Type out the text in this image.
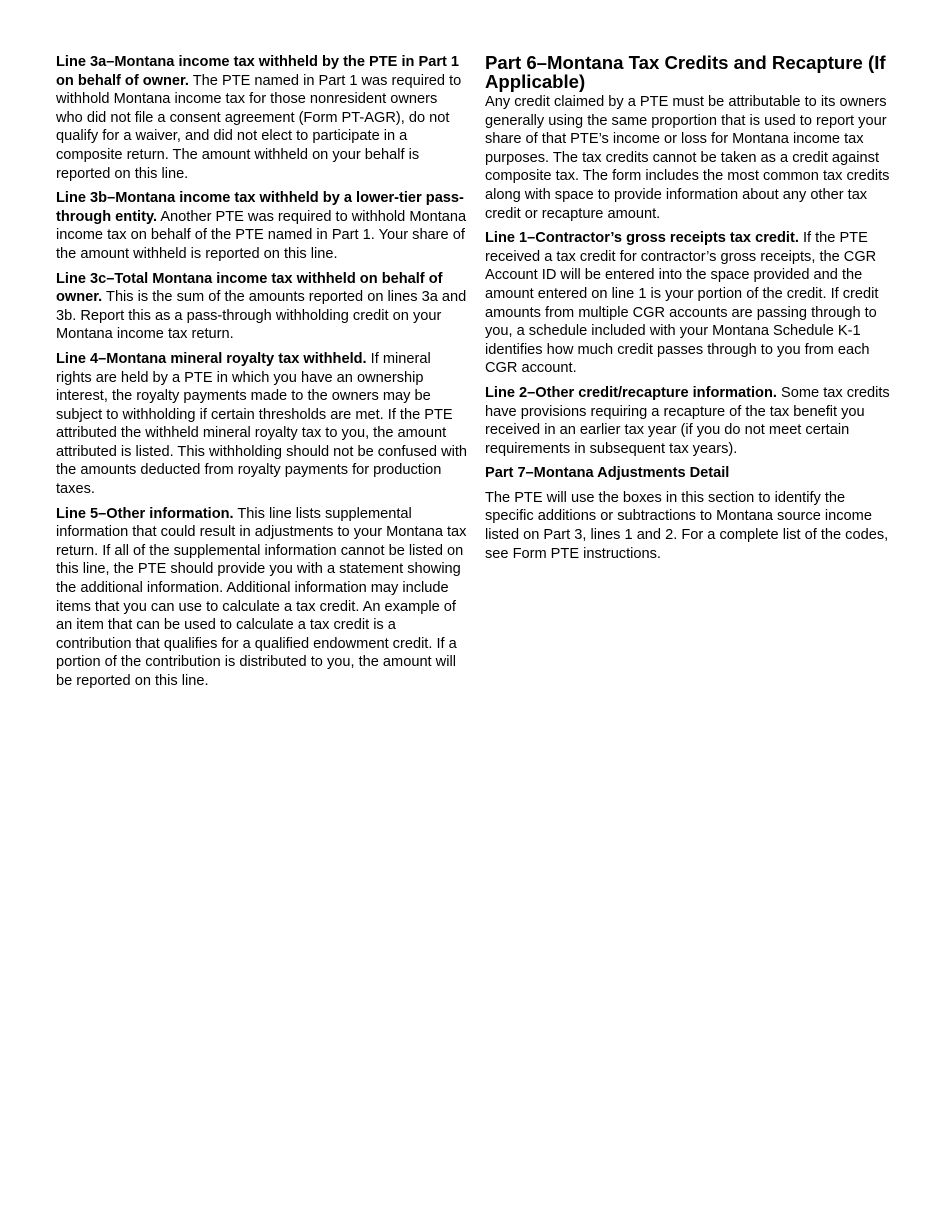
Line 3a–Montana income tax withheld by the PTE in Part 1 on behalf of owner. The PTE named in Part 1 was required to withhold Montana income tax for those nonresident owners who did not file a consent agreement (Form PT-AGR), do not qualify for a waiver, and did not elect to participate in a composite return. The amount withheld on your behalf is reported on this line.

Line 3b–Montana income tax withheld by a lower-tier pass-through entity. Another PTE was required to withhold Montana income tax on behalf of the PTE named in Part 1. Your share of the amount withheld is reported on this line.

Line 3c–Total Montana income tax withheld on behalf of owner. This is the sum of the amounts reported on lines 3a and 3b. Report this as a pass-through withholding credit on your Montana income tax return.

Line 4–Montana mineral royalty tax withheld. If mineral rights are held by a PTE in which you have an ownership interest, the royalty payments made to the owners may be subject to withholding if certain thresholds are met. If the PTE attributed the withheld mineral royalty tax to you, the amount attributed is listed. This withholding should not be confused with the amounts deducted from royalty payments for production taxes.

Line 5–Other information. This line lists supplemental information that could result in adjustments to your Montana tax return. If all of the supplemental information cannot be listed on this line, the PTE should provide you with a statement showing the additional information. Additional information may include items that you can use to calculate a tax credit. An example of an item that can be used to calculate a tax credit is a contribution that qualifies for a qualified endowment credit. If a portion of the contribution is distributed to you, the amount will be reported on this line.

Part 6–Montana Tax Credits and Recapture (If Applicable)

Any credit claimed by a PTE must be attributable to its owners generally using the same proportion that is used to report your share of that PTE’s income or loss for Montana income tax purposes. The tax credits cannot be taken as a credit against composite tax. The form includes the most common tax credits along with space to provide information about any other tax credit or recapture amount.

Line 1–Contractor’s gross receipts tax credit. If the PTE received a tax credit for contractor’s gross receipts, the CGR Account ID will be entered into the space provided and the amount entered on line 1 is your portion of the credit. If credit amounts from multiple CGR accounts are passing through to you, a schedule included with your Montana Schedule K-1 identifies how much credit passes through to you from each CGR account.

Line 2–Other credit/recapture information. Some tax credits have provisions requiring a recapture of the tax benefit you received in an earlier tax year (if you do not meet certain requirements in subsequent tax years).

Part 7–Montana Adjustments Detail

The PTE will use the boxes in this section to identify the specific additions or subtractions to Montana source income listed on Part 3, lines 1 and 2. For a complete list of the codes, see Form PTE instructions.
